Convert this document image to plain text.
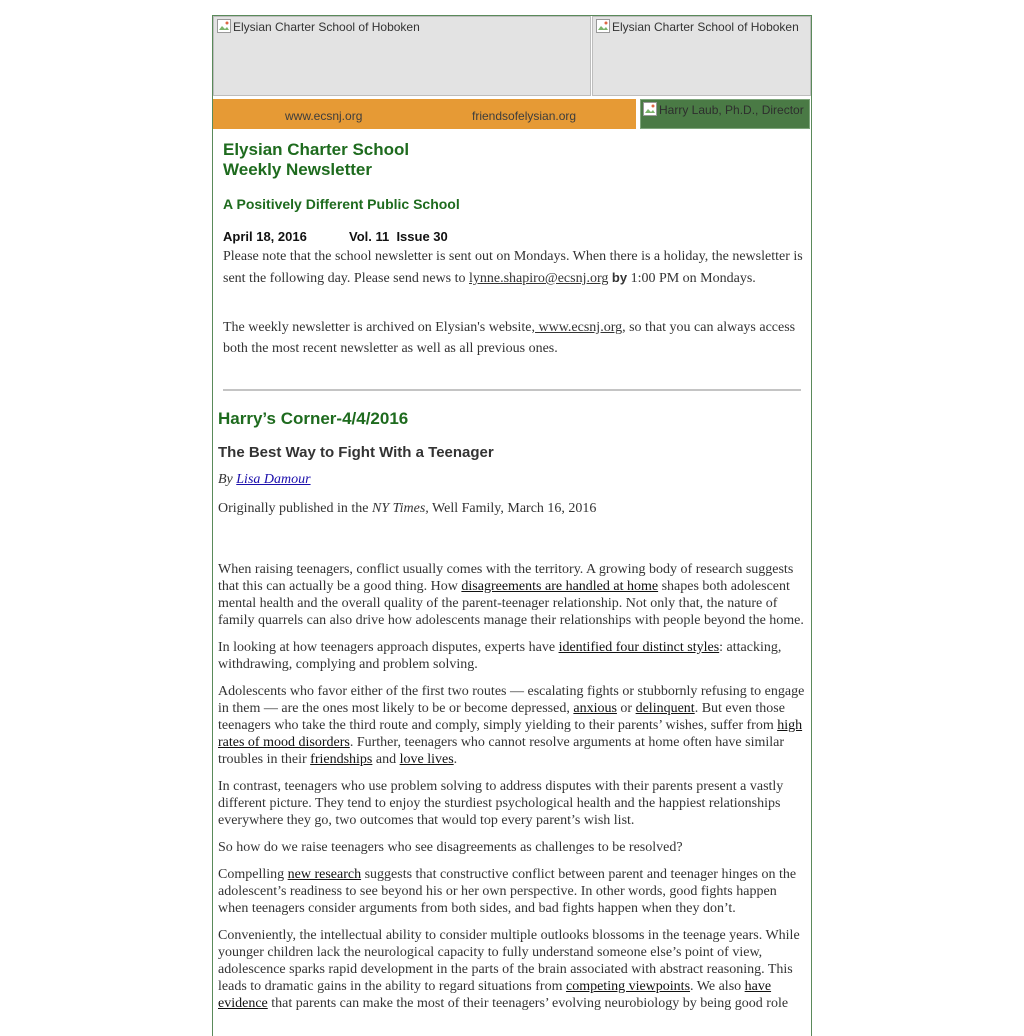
Elysian Charter School of Hoboken	Elysian Charter School of Hoboken
www.ecsnj.org	friendsofelysian.org	Harry Laub, Ph.D., Director
Elysian Charter School
Weekly Newsletter
A Positively Different Public School
April 18, 2016	Vol. 11  Issue 30
Please note that the school newsletter is sent out on Mondays. When there is a holiday, the newsletter is sent the following day. Please send news to lynne.shapiro@ecsnj.org by 1:00 PM on Mondays.
The weekly newsletter is archived on Elysian's website, www.ecsnj.org, so that you can always access both the most recent newsletter as well as all previous ones.
Harry’s Corner-4/4/2016
The Best Way to Fight With a Teenager
By Lisa Damour
Originally published in the NY Times, Well Family, March 16, 2016

When raising teenagers, conflict usually comes with the territory. A growing body of research suggests that this can actually be a good thing. How disagreements are handled at home shapes both adolescent mental health and the overall quality of the parent-teenager relationship. Not only that, the nature of family quarrels can also drive how adolescents manage their relationships with people beyond the home.

In looking at how teenagers approach disputes, experts have identified four distinct styles: attacking, withdrawing, complying and problem solving.

Adolescents who favor either of the first two routes — escalating fights or stubbornly refusing to engage in them — are the ones most likely to be or become depressed, anxious or delinquent. But even those teenagers who take the third route and comply, simply yielding to their parents’ wishes, suffer from high rates of mood disorders. Further, teenagers who cannot resolve arguments at home often have similar troubles in their friendships and love lives.

In contrast, teenagers who use problem solving to address disputes with their parents present a vastly different picture. They tend to enjoy the sturdiest psychological health and the happiest relationships everywhere they go, two outcomes that would top every parent’s wish list.

So how do we raise teenagers who see disagreements as challenges to be resolved?

Compelling new research suggests that constructive conflict between parent and teenager hinges on the adolescent’s readiness to see beyond his or her own perspective. In other words, good fights happen when teenagers consider arguments from both sides, and bad fights happen when they don’t.

Conveniently, the intellectual ability to consider multiple outlooks blossoms in the teenage years. While younger children lack the neurological capacity to fully understand someone else’s point of view, adolescence sparks rapid development in the parts of the brain associated with abstract reasoning. This leads to dramatic gains in the ability to regard situations from competing viewpoints. We also have evidence that parents can make the most of their teenagers’ evolving neurobiology by being good role
